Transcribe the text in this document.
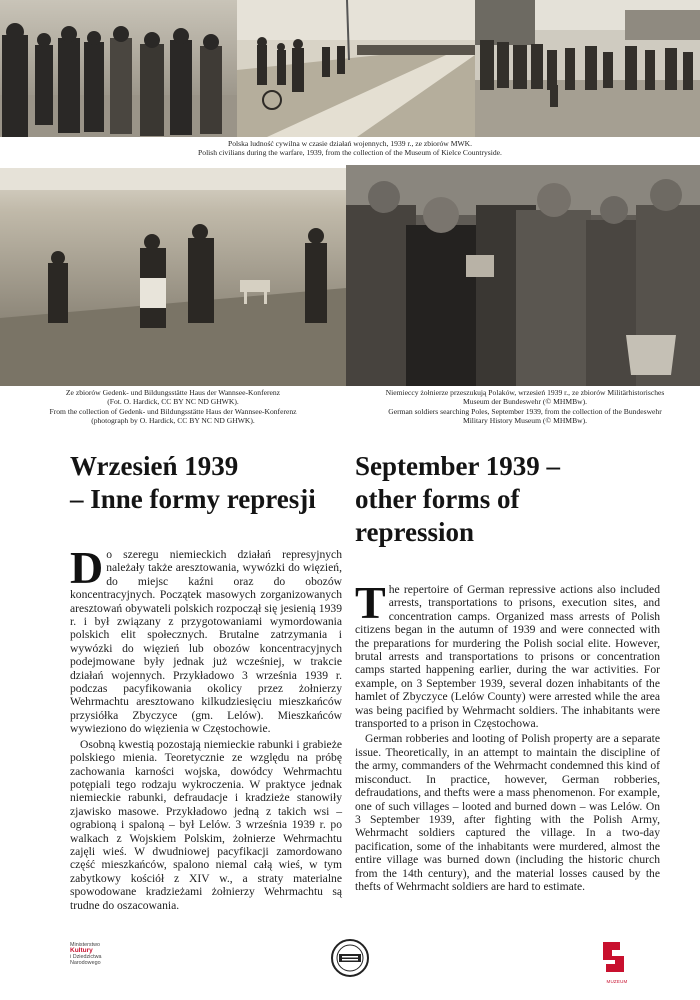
Polska ludność cywilna w czasie działań wojennych, 1939 r., ze zbiorów MWK.

Polish civilians during the warfare, 1939, from the collection of the Museum of Kielce Countryside.

Ze zbiorów Gedenk- und Bildungsstätte Haus der Wannsee-Konferenz

(Fot. O. Hardick, CC BY NC ND GHWK).

From the collection of Gedenk- und Bildungsstätte Haus der Wannsee-Konferenz

(photograph by O. Hardick, CC BY NC ND GHWK).

Niemieccy żołnierze przeszukują Polaków, wrzesień 1939 r., ze zbiorów Militärhistorisches

Museum der Bundeswehr (© MHMBw).

German soldiers searching Poles, September 1939, from the collection of the Bundeswehr

Military History Museum (© MHMBw).

Wrzesień 1939
– Inne formy represji
September 1939 –
other forms of
repression

Do szeregu niemieckich działań represyjnych należały także aresztowania, wywózki do więzień, do miejsc kaźni oraz do obozów koncentracyjnych. Początek masowych zorganizowanych aresztowań obywateli polskich rozpoczął się jesienią 1939 r. i był związany z przygotowaniami wymordowania polskich elit społecznych. Brutalne zatrzymania i wywózki do więzień lub obozów koncentracyjnych podejmowane były jednak już wcześniej, w trakcie działań wojennych. Przykładowo 3 września 1939 r. podczas pacyfikowania okolicy przez żołnierzy Wehrmachtu aresztowano kilkudziesięciu mieszkańców przysiółka Zbyczyce (gm. Lelów). Mieszkańców wywieziono do więzienia w Częstochowie.

Osobną kwestią pozostają niemieckie rabunki i grabieże polskiego mienia. Teoretycznie ze względu na próbę zachowania karności wojska, dowódcy Wehrmachtu potępiali tego rodzaju wykroczenia. W praktyce jednak niemieckie rabunki, defraudacje i kradzieże stanowiły zjawisko masowe. Przykładowo jedną z takich wsi – ograbioną i spaloną – był Lelów. 3 września 1939 r. po walkach z Wojskiem Polskim, żołnierze Wehrmachtu zajęli wieś. W dwudniowej pacyfikacji zamordowano część mieszkańców, spalono niemal całą wieś, w tym zabytkowy kościół z XIV w., a straty materialne spowodowane kradzieżami żołnierzy Wehrmachtu są trudne do oszacowania.

The repertoire of German repressive actions also included arrests, transportations to prisons, execution sites, and concentration camps. Organized mass arrests of Polish citizens began in the autumn of 1939 and were connected with the preparations for murdering the Polish social elite. However, brutal arrests and transportations to prisons or concentration camps started happening earlier, during the war activities. For example, on 3 September 1939, several dozen inhabitants of the hamlet of Zbyczyce (Lelów County) were arrested while the area was being pacified by Wehrmacht soldiers. The inhabitants were transported to a prison in Częstochowa.

German robberies and looting of Polish property are a separate issue. Theoretically, in an attempt to maintain the discipline of the army, commanders of the Wehrmacht condemned this kind of misconduct. In practice, however, German robberies, defraudations, and thefts were a mass phenomenon. For example, one of such villages – looted and burned down – was Lelów. On 3 September 1939, after fighting with the Polish Army, Wehrmacht soldiers captured the village. In a two-day pacification, some of the inhabitants were murdered, almost the entire village was burned down (including the historic church from the 14th century), and the material losses caused by the thefts of Wehrmacht soldiers are hard to estimate.

Ministerstwo
Kultury
i Dziedzictwa
Narodowego
MUZEUM
